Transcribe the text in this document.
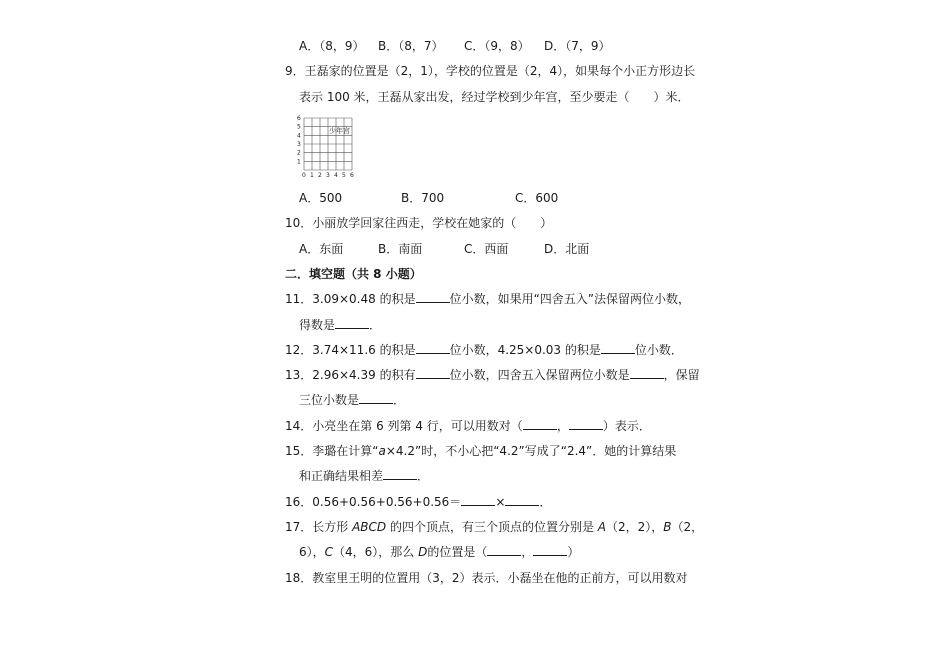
A．（8，9） B．（8，7） C．（9，8） D．（7，9）
9．王磊家的位置是（2，1），学校的位置是（2，4），如果每个小正方形边长
表示 100 米，王磊从家出发，经过学校到少年宫，至少要走（　　）米．
6
5
4
3
2
1
0 1 2 3 4 5 6
少年宫
A．500	B．700	C．600
10．小丽放学回家往西走，学校在她家的（　　）
A．东面	B．南面	C．西面	D．北面
二．填空题（共 8 小题）
11．3.09×0.48 的积是	位小数，如果用“四舍五入”法保留两位小数，
得数是	．
12．3.74×11.6 的积是	位小数，4.25×0.03 的积是	位小数．
13．2.96×4.39 的积有	位小数，四舍五入保留两位小数是	，保留
三位小数是	．
14．小亮坐在第 6 列第 4 行，可以用数对（	，	）表示．
15．李璐在计算“a×4.2”时，不小心把“4.2”写成了“2.4”．她的计算结果
和正确结果相差	．
16．0.56+0.56+0.56+0.56＝	×	．
17．长方形 ABCD 的四个顶点，有三个顶点的位置分别是 A（2，2），B（2，
6），C（4，6），那么 D的位置是（	，	）
18．教室里王明的位置用（3，2）表示．小磊坐在他的正前方，可以用数对
